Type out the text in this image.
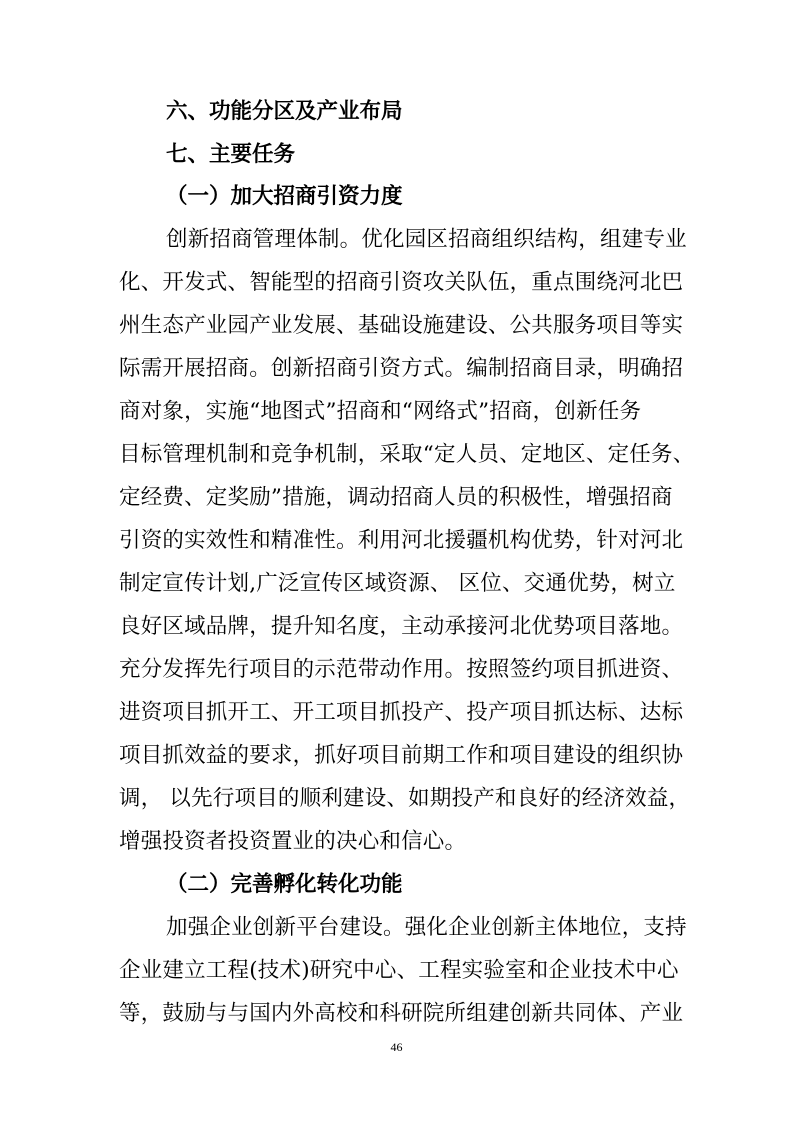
六、功能分区及产业布局
七、主要任务
（一）加大招商引资力度
创新招商管理体制。优化园区招商组织结构，组建专业
化、开发式、智能型的招商引资攻关队伍，重点围绕河北巴
州生态产业园产业发展、基础设施建设、公共服务项目等实
际需开展招商。创新招商引资方式。编制招商目录，明确招
商对象，实施“地图式”招商和“网络式”招商，创新任务
目标管理机制和竞争机制，采取“定人员、定地区、定任务、
定经费、定奖励”措施，调动招商人员的积极性，增强招商
引资的实效性和精准性。利用河北援疆机构优势，针对河北
制定宣传计划,广泛宣传区域资源、 区位、交通优势，树立
良好区域品牌，提升知名度，主动承接河北优势项目落地。
充分发挥先行项目的示范带动作用。按照签约项目抓进资、
进资项目抓开工、开工项目抓投产、投产项目抓达标、达标
项目抓效益的要求，抓好项目前期工作和项目建设的组织协
调， 以先行项目的顺利建设、如期投产和良好的经济效益，
增强投资者投资置业的决心和信心。
（二）完善孵化转化功能
加强企业创新平台建设。强化企业创新主体地位，支持
企业建立工程(技术)研究中心、工程实验室和企业技术中心
等，鼓励与与国内外高校和科研院所组建创新共同体、产业
46
